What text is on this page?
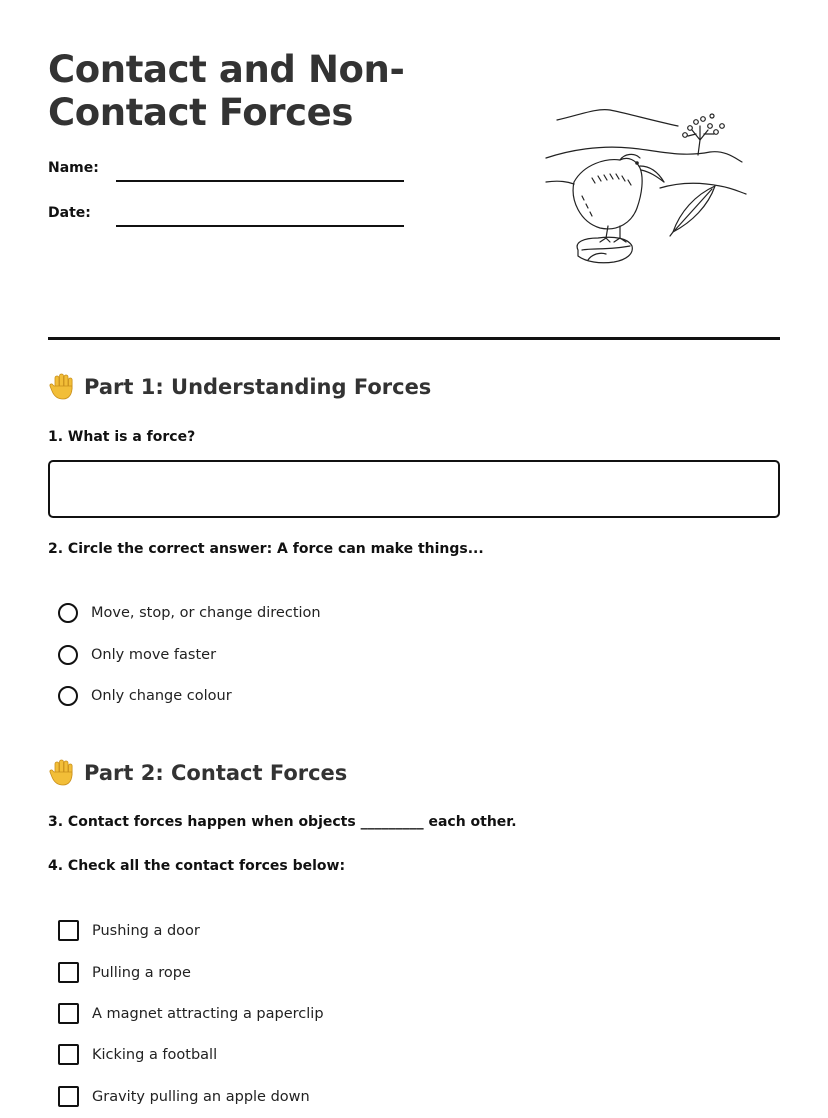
Contact and Non-Contact Forces
Name:
Date:
Part 1: Understanding Forces
1. What is a force?
2. Circle the correct answer: A force can make things...
Move, stop, or change direction
Only move faster
Only change colour
Part 2: Contact Forces
3. Contact forces happen when objects _________ each other.
4. Check all the contact forces below:
Pushing a door
Pulling a rope
A magnet attracting a paperclip
Kicking a football
Gravity pulling an apple down
